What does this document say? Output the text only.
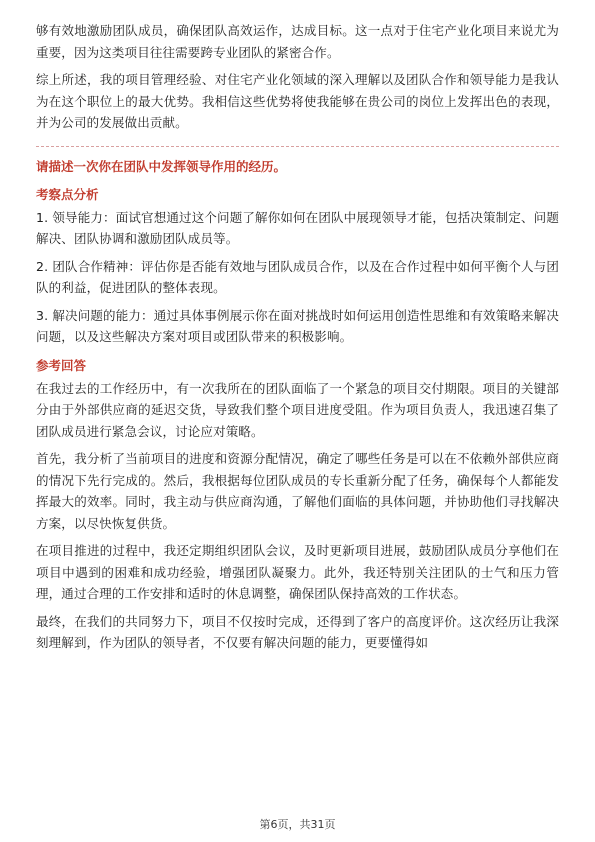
够有效地激励团队成员，确保团队高效运作，达成目标。这一点对于住宅产业化项目来说尤为重要，因为这类项目往往需要跨专业团队的紧密合作。

综上所述，我的项目管理经验、对住宅产业化领域的深入理解以及团队合作和领导能力是我认为在这个职位上的最大优势。我相信这些优势将使我能够在贵公司的岗位上发挥出色的表现，并为公司的发展做出贡献。

请描述一次你在团队中发挥领导作用的经历。

考察点分析

1. 领导能力：面试官想通过这个问题了解你如何在团队中展现领导才能，包括决策制定、问题解决、团队协调和激励团队成员等。

2. 团队合作精神：评估你是否能有效地与团队成员合作，以及在合作过程中如何平衡个人与团队的利益，促进团队的整体表现。

3. 解决问题的能力：通过具体事例展示你在面对挑战时如何运用创造性思维和有效策略来解决问题，以及这些解决方案对项目或团队带来的积极影响。

参考回答

在我过去的工作经历中，有一次我所在的团队面临了一个紧急的项目交付期限。项目的关键部分由于外部供应商的延迟交货，导致我们整个项目进度受阻。作为项目负责人，我迅速召集了团队成员进行紧急会议，讨论应对策略。

首先，我分析了当前项目的进度和资源分配情况，确定了哪些任务是可以在不依赖外部供应商的情况下先行完成的。然后，我根据每位团队成员的专长重新分配了任务，确保每个人都能发挥最大的效率。同时，我主动与供应商沟通，了解他们面临的具体问题，并协助他们寻找解决方案，以尽快恢复供货。

在项目推进的过程中，我还定期组织团队会议，及时更新项目进展，鼓励团队成员分享他们在项目中遇到的困难和成功经验，增强团队凝聚力。此外，我还特别关注团队的士气和压力管理，通过合理的工作安排和适时的休息调整，确保团队保持高效的工作状态。

最终，在我们的共同努力下，项目不仅按时完成，还得到了客户的高度评价。这次经历让我深刻理解到，作为团队的领导者，不仅要有解决问题的能力，更要懂得如

第6页，共31页
